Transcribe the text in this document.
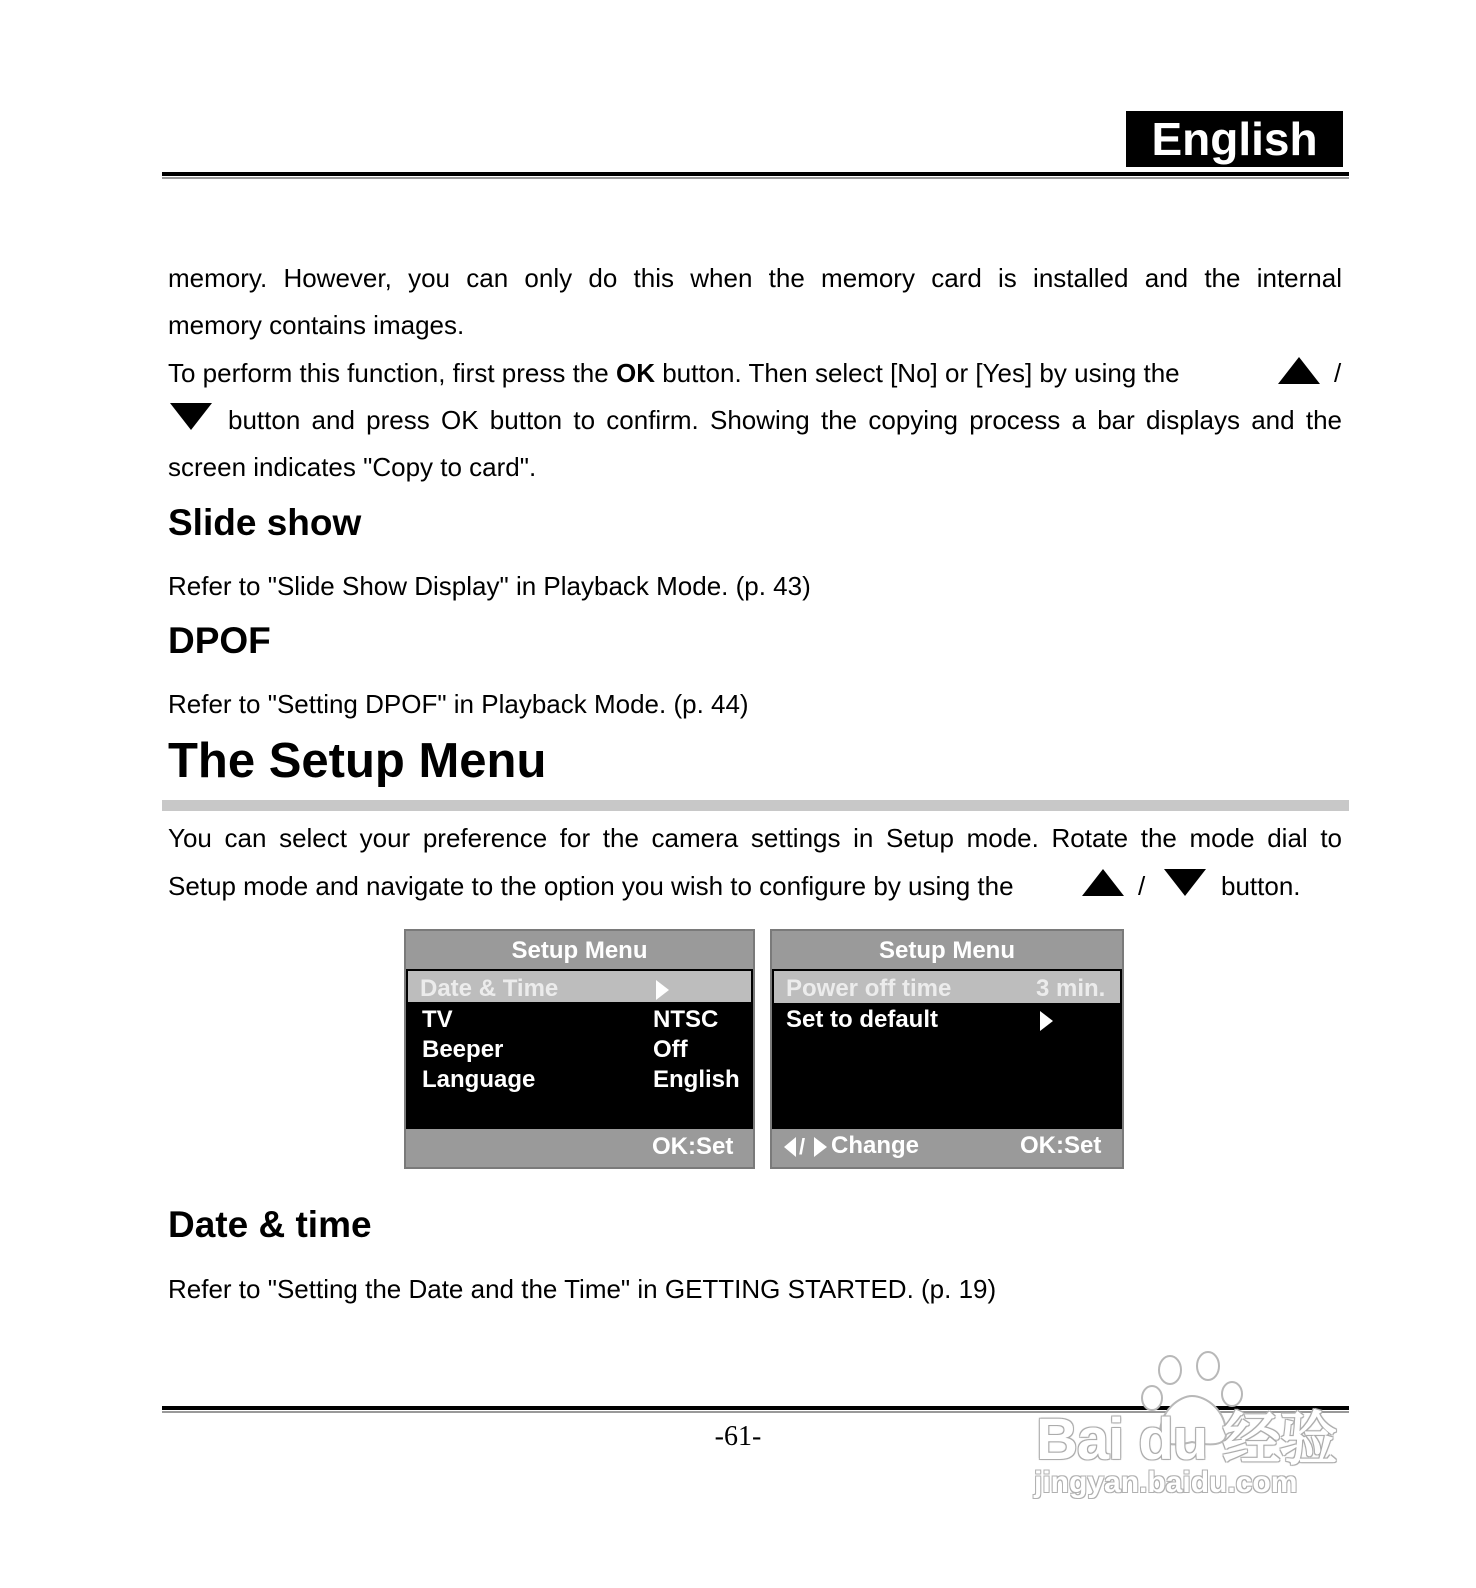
English
memory. However, you can only do this when the memory card is installed and the internal
memory contains images.
To perform this function, first press the OK button. Then select [No] or [Yes] by using the	/
button and press OK button to confirm. Showing the copying process a bar displays and the
screen indicates "Copy to card".
Slide show
Refer to "Slide Show Display" in Playback Mode. (p. 43)
DPOF
Refer to "Setting DPOF" in Playback Mode. (p. 44)
The Setup Menu
You can select your preference for the camera settings in Setup mode. Rotate the mode dial to
Setup mode and navigate to the option you wish to configure by using the	/	button.
Setup Menu
Date & Time
TV	NTSC
Beeper	Off
Language	English
OK:Set
Setup Menu
Power off time	3 min.
Set to default
/ Change	OK:Set
Date & time
Refer to "Setting the Date and the Time" in GETTING STARTED. (p. 19)
-61-	Bai du 经验
jingyan.baidu.com
